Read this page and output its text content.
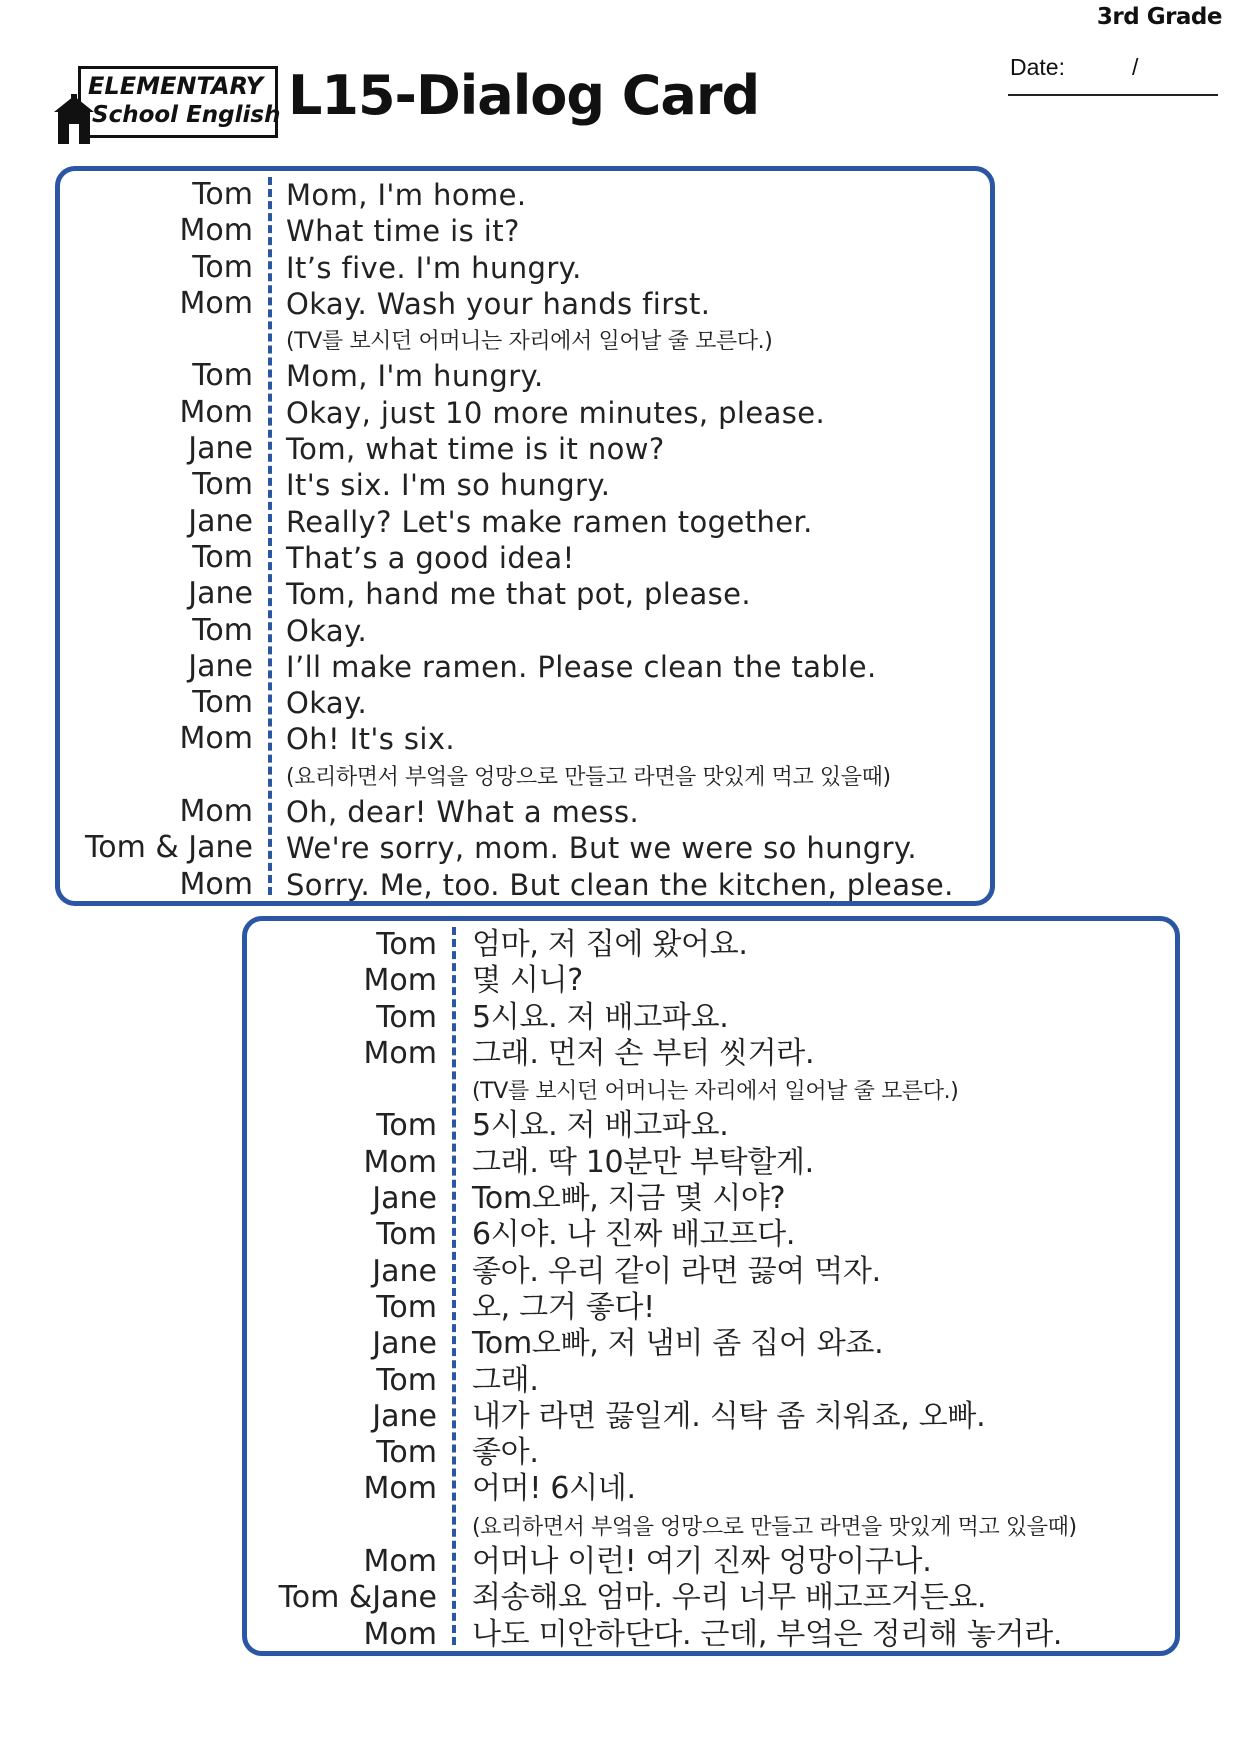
3rd Grade
Date:	/
ELEMENTARY
School English L15-Dialog Card
Tom Mom, I'm home.
Mom What time is it?
Tom It’s five. I'm hungry.
Mom Okay. Wash your hands first.
(TV를 보시던 어머니는 자리에서 일어날 줄 모른다.)
Tom Mom, I'm hungry.
Mom Okay, just 10 more minutes, please.
Jane Tom, what time is it now?
Tom It's six. I'm so hungry.
Jane Really? Let's make ramen together.
Tom That’s a good idea!
Jane Tom, hand me that pot, please.
Tom Okay.
Jane I’ll make ramen. Please clean the table.
Tom Okay.
Mom Oh! It's six.
(요리하면서 부엌을 엉망으로 만들고 라면을 맛있게 먹고 있을때)
Mom Oh, dear! What a mess.
Tom & Jane We're sorry, mom. But we were so hungry.
Mom Sorry. Me, too. But clean the kitchen, please.
Tom 엄마, 저 집에 왔어요.
Mom 몇 시니?
Tom 5시요. 저 배고파요.
Mom 그래. 먼저 손 부터 씻거라.
(TV를 보시던 어머니는 자리에서 일어날 줄 모른다.)
Tom 5시요. 저 배고파요.
Mom 그래. 딱 10분만 부탁할게.
Jane Tom오빠, 지금 몇 시야?
Tom 6시야. 나 진짜 배고프다.
Jane 좋아. 우리 같이 라면 끓여 먹자.
Tom 오, 그거 좋다!
Jane Tom오빠, 저 냄비 좀 집어 와죠.
Tom 그래.
Jane 내가 라면 끓일게. 식탁 좀 치워죠, 오빠.
Tom 좋아.
Mom 어머! 6시네.
(요리하면서 부엌을 엉망으로 만들고 라면을 맛있게 먹고 있을때)
Mom 어머나 이런! 여기 진짜 엉망이구나.
Tom &Jane 죄송해요 엄마. 우리 너무 배고프거든요.
Mom 나도 미안하단다. 근데, 부엌은 정리해 놓거라.
